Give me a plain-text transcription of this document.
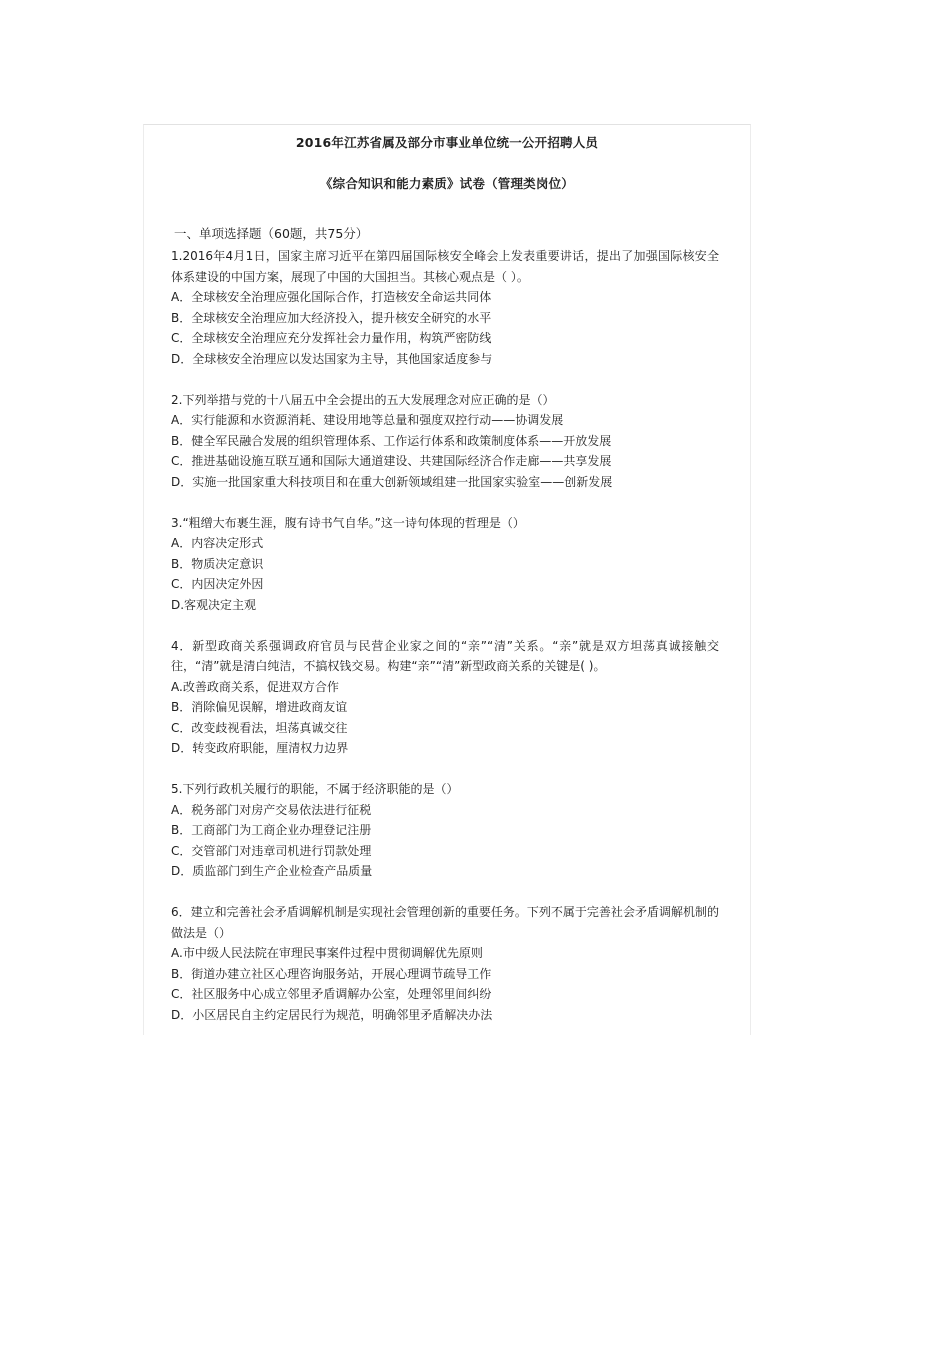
2016年江苏省属及部分市事业单位统一公开招聘人员
《综合知识和能力素质》试卷（管理类岗位）
一、单项选择题（60题，共75分）
1.2016年4月1日，国家主席习近平在第四届国际核安全峰会上发表重要讲话，提出了加强国际核安全体系建设的中国方案，展现了中国的大国担当。其核心观点是（ ）。
A．全球核安全治理应强化国际合作，打造核安全命运共同体
B．全球核安全治理应加大经济投入，提升核安全研究的水平
C．全球核安全治理应充分发挥社会力量作用，构筑严密防线
D．全球核安全治理应以发达国家为主导，其他国家适度参与
2.下列举措与党的十八届五中全会提出的五大发展理念对应正确的是（）
A．实行能源和水资源消耗、建设用地等总量和强度双控行动——协调发展
B．健全军民融合发展的组织管理体系、工作运行体系和政策制度体系——开放发展
C．推进基础设施互联互通和国际大通道建设、共建国际经济合作走廊——共享发展
D．实施一批国家重大科技项目和在重大创新领域组建一批国家实验室——创新发展
3.“粗缯大布裹生涯，腹有诗书气自华。”这一诗句体现的哲理是（）
A．内容决定形式
B．物质决定意识
C．内因决定外因
D.客观决定主观
4．新型政商关系强调政府官员与民营企业家之间的“亲”“清”关系。“亲”就是双方坦荡真诚接触交往，“清”就是清白纯洁，不搞权钱交易。构建“亲”“清”新型政商关系的关键是( )。
A.改善政商关系，促进双方合作
B．消除偏见误解，增进政商友谊
C．改变歧视看法，坦荡真诚交往
D．转变政府职能，厘清权力边界
5.下列行政机关履行的职能，不属于经济职能的是（）
A．税务部门对房产交易依法进行征税
B．工商部门为工商企业办理登记注册
C．交管部门对违章司机进行罚款处理
D．质监部门到生产企业检查产品质量
6．建立和完善社会矛盾调解机制是实现社会管理创新的重要任务。下列不属于完善社会矛盾调解机制的做法是（）
A.市中级人民法院在审理民事案件过程中贯彻调解优先原则
B．街道办建立社区心理咨询服务站，开展心理调节疏导工作
C．社区服务中心成立邻里矛盾调解办公室，处理邻里间纠纷
D．小区居民自主约定居民行为规范，明确邻里矛盾解决办法
